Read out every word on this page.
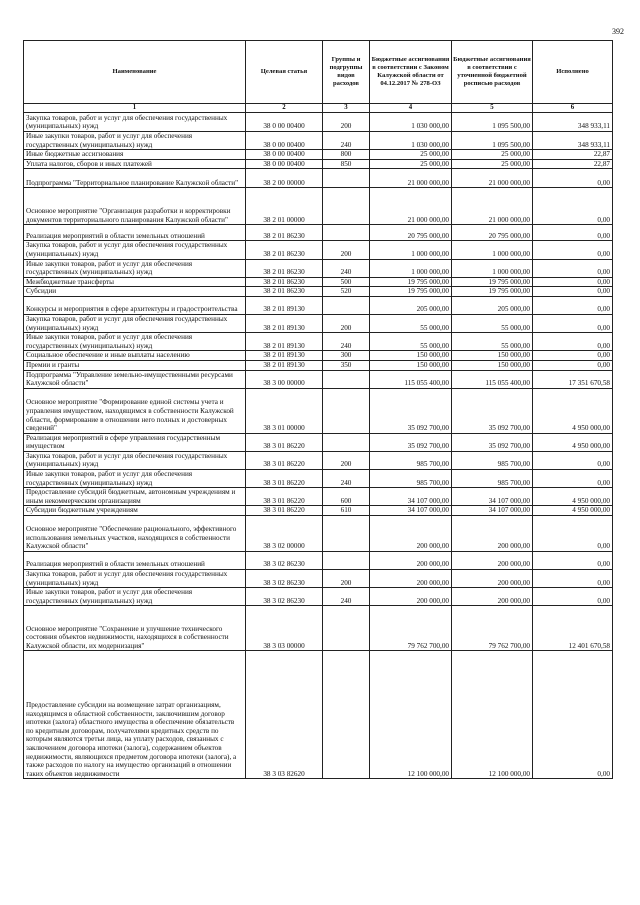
392
Наименование	Целевая статья	Группы и подгруппы видов расходов	Бюджетные ассигнования в соответствии с Законом Калужской области от 04.12.2017 № 278-ОЗ	Бюджетные ассигнования в соответствии с уточненной бюджетной росписью расходов	Исполнено
1	2	3	4	5	6
Закупка товаров, работ и услуг для обеспечения государственных (муниципальных) нужд	38 0 00 00400	200	1 030 000,00	1 095 500,00	348 933,11
Иные закупки товаров, работ и услуг для обеспечения государственных (муниципальных) нужд	38 0 00 00400	240	1 030 000,00	1 095 500,00	348 933,11
Иные бюджетные ассигнования	38 0 00 00400	800	25 000,00	25 000,00	22,87
Уплата налогов, сборов и иных платежей	38 0 00 00400	850	25 000,00	25 000,00	22,87
Подпрограмма "Территориальное планирование Калужской области"	38 2 00 00000		21 000 000,00	21 000 000,00	0,00
Основное мероприятие "Организация разработки и корректировки документов территориального планирования Калужской области"	38 2 01 00000		21 000 000,00	21 000 000,00	0,00
Реализация мероприятий в области земельных отношений	38 2 01 86230		20 795 000,00	20 795 000,00	0,00
Закупка товаров, работ и услуг для обеспечения государственных (муниципальных) нужд	38 2 01 86230	200	1 000 000,00	1 000 000,00	0,00
Иные закупки товаров, работ и услуг для обеспечения государственных (муниципальных) нужд	38 2 01 86230	240	1 000 000,00	1 000 000,00	0,00
Межбюджетные трансферты	38 2 01 86230	500	19 795 000,00	19 795 000,00	0,00
Субсидии	38 2 01 86230	520	19 795 000,00	19 795 000,00	0,00
Конкурсы и мероприятия в сфере архитектуры и градостроительства	38 2 01 89130		205 000,00	205 000,00	0,00
Закупка товаров, работ и услуг для обеспечения государственных (муниципальных) нужд	38 2 01 89130	200	55 000,00	55 000,00	0,00
Иные закупки товаров, работ и услуг для обеспечения государственных (муниципальных) нужд	38 2 01 89130	240	55 000,00	55 000,00	0,00
Социальное обеспечение и иные выплаты населению	38 2 01 89130	300	150 000,00	150 000,00	0,00
Премии и гранты	38 2 01 89130	350	150 000,00	150 000,00	0,00
Подпрограмма "Управление земельно-имущественными ресурсами Калужской области"	38 3 00 00000		115 055 400,00	115 055 400,00	17 351 670,58
Основное мероприятие "Формирование единой системы учета и управления имуществом, находящимся в собственности Калужской области, формирование в отношении него полных и достоверных сведений"	38 3 01 00000		35 092 700,00	35 092 700,00	4 950 000,00
Реализация мероприятий в сфере управления государственным имуществом	38 3 01 86220		35 092 700,00	35 092 700,00	4 950 000,00
Закупка товаров, работ и услуг для обеспечения государственных (муниципальных) нужд	38 3 01 86220	200	985 700,00	985 700,00	0,00
Иные закупки товаров, работ и услуг для обеспечения государственных (муниципальных) нужд	38 3 01 86220	240	985 700,00	985 700,00	0,00
Предоставление субсидий бюджетным, автономным учреждениям и иным некоммерческим организациям	38 3 01 86220	600	34 107 000,00	34 107 000,00	4 950 000,00
Субсидии бюджетным учреждениям	38 3 01 86220	610	34 107 000,00	34 107 000,00	4 950 000,00
Основное мероприятие "Обеспечение рационального, эффективного использования земельных участков, находящихся в собственности Калужской области"	38 3 02 00000		200 000,00	200 000,00	0,00
Реализация мероприятий в области земельных отношений	38 3 02 86230		200 000,00	200 000,00	0,00
Закупка товаров, работ и услуг для обеспечения государственных (муниципальных) нужд	38 3 02 86230	200	200 000,00	200 000,00	0,00
Иные закупки товаров, работ и услуг для обеспечения государственных (муниципальных) нужд	38 3 02 86230	240	200 000,00	200 000,00	0,00
Основное мероприятие "Сохранение и улучшение технического состояния объектов недвижимости, находящихся в собственности Калужской области, их модернизация"	38 3 03 00000		79 762 700,00	79 762 700,00	12 401 670,58
Предоставление субсидии на возмещение затрат организациям, находящимся в областной собственности, заключившим договор ипотеки (залога) областного имущества в обеспечение обязательств по кредитным договорам, получателями кредитных средств по которым являются третьи лица, на уплату расходов, связанных с заключением договора ипотеки (залога), содержанием объектов недвижимости, являющихся предметом договора ипотеки (залога), а также расходов по налогу на имущество организаций в отношении таких объектов недвижимости	38 3 03 82620		12 100 000,00	12 100 000,00	0,00
